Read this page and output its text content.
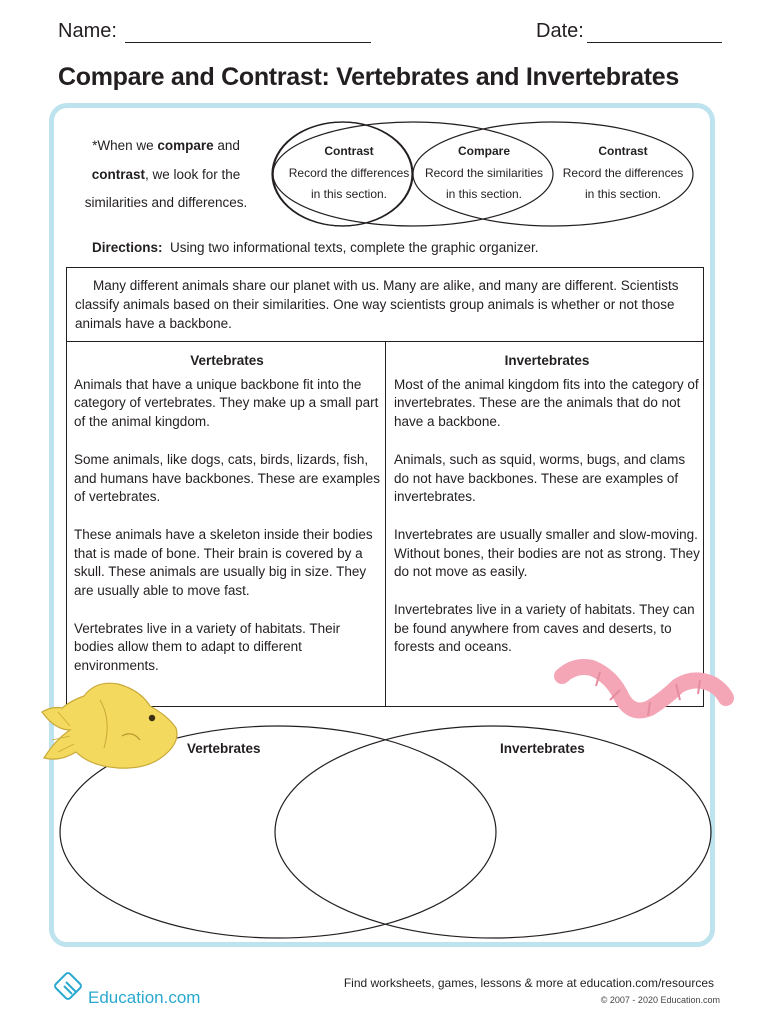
Name:	Date:
Compare and Contrast: Vertebrates and Invertebrates
*When we compare and
contrast, we look for the
similarities and differences.
Contrast
Record the differences
in this section.
Compare
Record the similarities
in this section.
Contrast
Record the differences
in this section.
Directions: Using two informational texts, complete the graphic organizer.
Many different animals share our planet with us. Many are alike, and many are different. Scientists classify animals based on their similarities. One way scientists group animals is whether or not those animals have a backbone.
Vertebrates

Animals that have a unique backbone fit into the category of vertebrates. They make up a small part of the animal kingdom.

Some animals, like dogs, cats, birds, lizards, fish, and humans have backbones. These are examples of vertebrates.

These animals have a skeleton inside their bodies that is made of bone. Their brain is covered by a skull. These animals are usually big in size. They are usually able to move fast.

Vertebrates live in a variety of habitats. Their bodies allow them to adapt to different environments.

Invertebrates

Most of the animal kingdom fits into the category of invertebrates. These are the animals that do not have a backbone.

Animals, such as squid, worms, bugs, and clams do not have backbones. These are examples of invertebrates.

Invertebrates are usually smaller and slow-moving. Without bones, their bodies are not as strong. They do not move as easily.

Invertebrates live in a variety of habitats. They can be found anywhere from caves and deserts, to forests and oceans.

Vertebrates	Invertebrates
Education.com
Find worksheets, games, lessons & more at education.com/resources
© 2007 - 2020 Education.com
